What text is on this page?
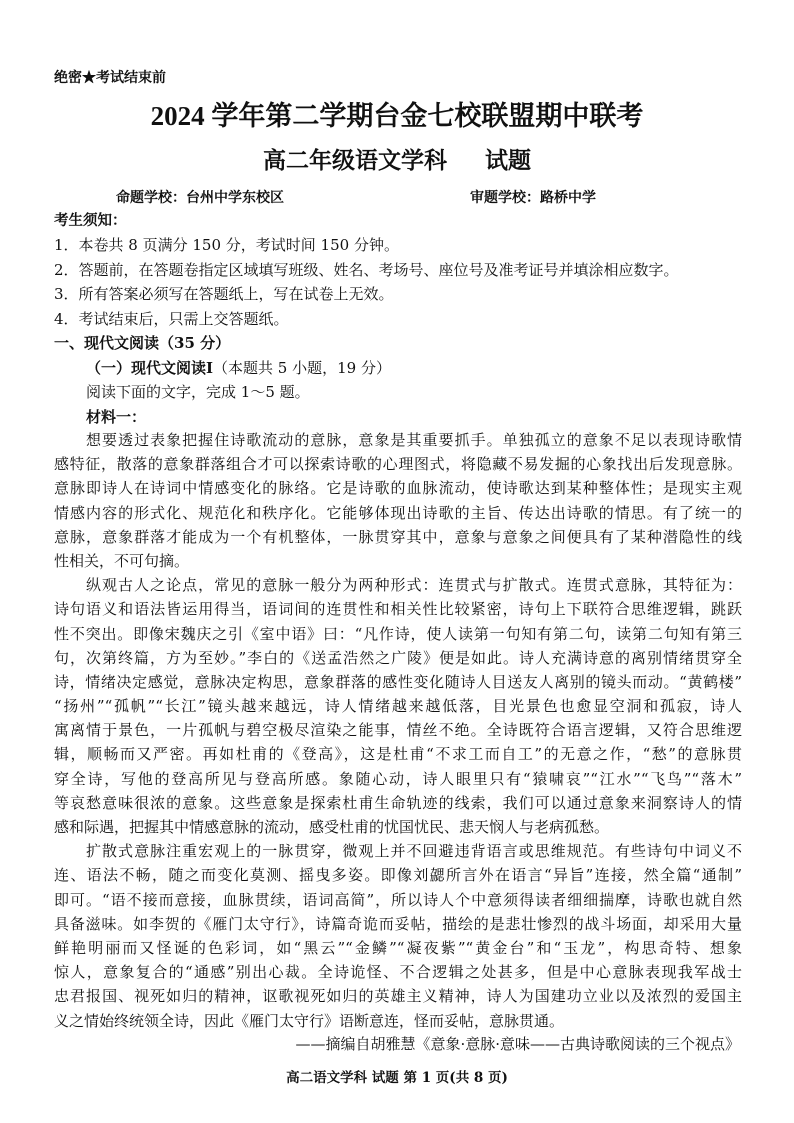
绝密★考试结束前
2024 学年第二学期台金七校联盟期中联考
高二年级语文学科 试题
命题学校：台州中学东校区	审题学校：路桥中学
考生须知：
1．本卷共 8 页满分 150 分，考试时间 150 分钟。
2．答题前，在答题卷指定区域填写班级、姓名、考场号、座位号及准考证号并填涂相应数字。
3．所有答案必须写在答题纸上，写在试卷上无效。
4．考试结束后，只需上交答题纸。
一、现代文阅读（35 分）
（一）现代文阅读Ⅰ（本题共 5 小题，19 分）
阅读下面的文字，完成 1～5 题。
材料一：
想要透过表象把握住诗歌流动的意脉，意象是其重要抓手。单独孤立的意象不足以表现诗歌情
感特征，散落的意象群落组合才可以探索诗歌的心理图式，将隐藏不易发掘的心象找出后发现意脉。
意脉即诗人在诗词中情感变化的脉络。它是诗歌的血脉流动，使诗歌达到某种整体性；是现实主观
情感内容的形式化、规范化和秩序化。它能够体现出诗歌的主旨、传达出诗歌的情思。有了统一的
意脉，意象群落才能成为一个有机整体，一脉贯穿其中，意象与意象之间便具有了某种潜隐性的线
性相关，不可句摘。
纵观古人之论点，常见的意脉一般分为两种形式：连贯式与扩散式。连贯式意脉，其特征为：
诗句语义和语法皆运用得当，语词间的连贯性和相关性比较紧密，诗句上下联符合思维逻辑，跳跃
性不突出。即像宋魏庆之引《室中语》曰：“凡作诗，使人读第一句知有第二句，读第二句知有第三
句，次第终篇，方为至妙。”李白的《送孟浩然之广陵》便是如此。诗人充满诗意的离别情绪贯穿全
诗，情绪决定感觉，意脉决定构思，意象群落的感性变化随诗人目送友人离别的镜头而动。“黄鹤楼”
“扬州”“孤帆”“长江”镜头越来越远，诗人情绪越来越低落，目光景色也愈显空洞和孤寂，诗人
寓离情于景色，一片孤帆与碧空极尽渲染之能事，情丝不绝。全诗既符合语言逻辑，又符合思维逻
辑，顺畅而又严密。再如杜甫的《登高》，这是杜甫“不求工而自工”的无意之作，“愁”的意脉贯
穿全诗，写他的登高所见与登高所感。象随心动，诗人眼里只有“猿啸哀”“江水”“飞鸟”“落木”
等哀愁意味很浓的意象。这些意象是探索杜甫生命轨迹的线索，我们可以通过意象来洞察诗人的情
感和际遇，把握其中情感意脉的流动，感受杜甫的忧国忧民、悲天悯人与老病孤愁。
扩散式意脉注重宏观上的一脉贯穿，微观上并不回避违背语言或思维规范。有些诗句中词义不
连、语法不畅，随之而变化莫测、摇曳多姿。即像刘勰所言外在语言“异旨”连接，然全篇“通制”
即可。“语不接而意接，血脉贯续，语词高简”，所以诗人个中意须得读者细细揣摩，诗歌也就自然
具备滋味。如李贺的《雁门太守行》，诗篇奇诡而妥帖，描绘的是悲壮惨烈的战斗场面，却采用大量
鲜艳明丽而又怪诞的色彩词，如“黑云”“金鳞”“凝夜紫”“黄金台”和“玉龙”，构思奇特、想象
惊人，意象复合的“通感”别出心裁。全诗诡怪、不合逻辑之处甚多，但是中心意脉表现我军战士
忠君报国、视死如归的精神，讴歌视死如归的英雄主义精神，诗人为国建功立业以及浓烈的爱国主
义之情始终统领全诗，因此《雁门太守行》语断意连，怪而妥帖，意脉贯通。
——摘编自胡雅慧《意象·意脉·意味——古典诗歌阅读的三个视点》
高二语文学科 试题 第 1 页(共 8 页)
